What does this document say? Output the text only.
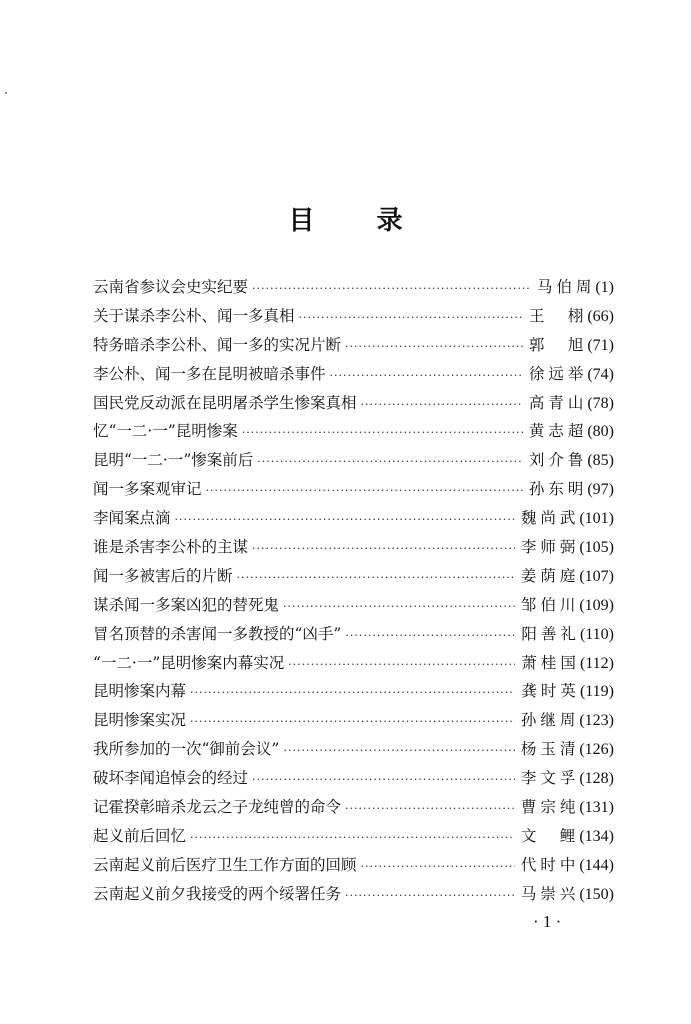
目 录
云南省参议会史实纪要 ·····	马伯周 (1)
关于谋杀李公朴、闻一多真相 ·····	王　栩 (66)
特务暗杀李公朴、闻一多的实况片断 ·····	郭　旭 (71)
李公朴、闻一多在昆明被暗杀事件 ·····	徐远举 (74)
国民党反动派在昆明屠杀学生惨案真相 ·····	高青山 (78)
忆“一二·一”昆明惨案 ·····	黄志超 (80)
昆明“一二·一”惨案前后 ·····	刘介鲁 (85)
闻一多案观审记 ·····	孙东明 (97)
李闻案点滴 ·····	魏尚武 (101)
谁是杀害李公朴的主谋 ·····	李师弼 (105)
闻一多被害后的片断 ·····	姜荫庭 (107)
谋杀闻一多案凶犯的替死鬼 ·····	邹伯川 (109)
冒名顶替的杀害闻一多教授的“凶手” ·····	阳善礼 (110)
“一二·一”昆明惨案内幕实况 ·····	萧桂国 (112)
昆明惨案内幕 ·····	龚时英 (119)
昆明惨案实况 ·····	孙继周 (123)
我所参加的一次“御前会议” ·····	杨玉清 (126)
破坏李闻追悼会的经过 ·····	李文孚 (128)
记霍揆彰暗杀龙云之子龙纯曾的命令 ·····	曹宗纯 (131)
起义前后回忆 ·····	文　鲤 (134)
云南起义前后医疗卫生工作方面的回顾 ·····	代时中 (144)
云南起义前夕我接受的两个绥署任务 ·····	马崇兴 (150)
· 1 ·
